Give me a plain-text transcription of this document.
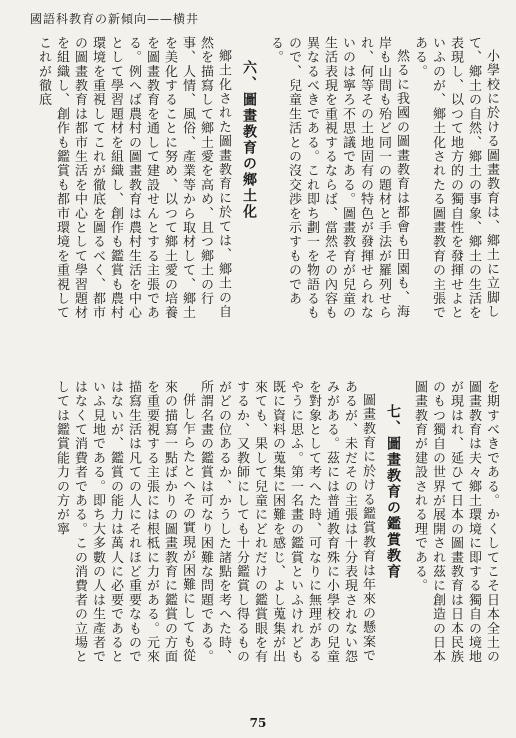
國語科教育の新傾向——横井

小學校に於ける圖畫教育は、鄉土に立脚して、鄉土の自然、鄉土の事象、鄉土の生活を表現し、以つて地方的の獨自性を發揮せよといふのが、鄉土化されたる圖畫教育の主張である。

然るに我國の圖畫教育は都會も田園も、海岸も山間も殆ど同一の題材と手法が羅列せられ、何等その土地固有の特色が發揮せられないのは寧ろ不思議である。圖畫教育が兒童の生活表現を重視するならば、當然その內容も異なるべきである。これ即ち劃一を物語るもので、兒童生活との沒交渉を示すものである。

六、圖畫教育の鄉土化

鄉土化された圖畫教育に於ては、鄉土の自然を描寫して鄉土愛を高め、且つ鄉土の行事、人情、風俗、產業等から取材して、鄉土を美化することに努め、以つて鄉土愛の培養を圖畫教育を通して建設せんとする主張である。例へば農村の圖畫教育は農村生活を中心として學習題材を組織し、創作も鑑賞も農村環境を重視してこれが徹底を圖るべく、都市の圖畫教育は都市生活を中心として學習題材を組織し、創作も鑑賞も都市環境を重視してこれが徹底

を期すべきである。かくしてこそ日本全土の圖畫教育は夫々鄉土環境に即する獨自の境地が現はれ、延ひて日本の圖畫教育は日本民族のもつ獨自の世界が展開され茲に創造の日本圖畫教育が建設される理である。

七、圖畫教育の鑑賞教育

圖畫教育に於ける鑑賞教育は年來の懸案であるが、未だその主張は十分表現されない怨みがある。茲には普通教育殊に小學校の兒童を對象として考へた時、可なりに無理があるやうに思ふ。第一名畫の鑑賞といふけれども既に資料の蒐集に困難を感じ、よし蒐集が出來ても、果して兒童にどれだけの鑑賞眼を有するか、又教師にしても十分鑑賞し得るものがどの位あるか、かうした諸點を考へた時、所謂名畫の鑑賞は可なり困難な問題である。

併し乍らたとへその實現が困難にしても從來の描寫一點ばかりの圖畫教育に鑑賞の方面を重要視する主張には根柢に力がある。元來描寫生活は凡ての人にそれほど重要なものではないが、鑑賞の能力は萬人に必要であるといふ見地である。即ち大多數の人は生產者ではなくて消費者である。この消費者の立場としては鑑賞能力の方が寧

75
